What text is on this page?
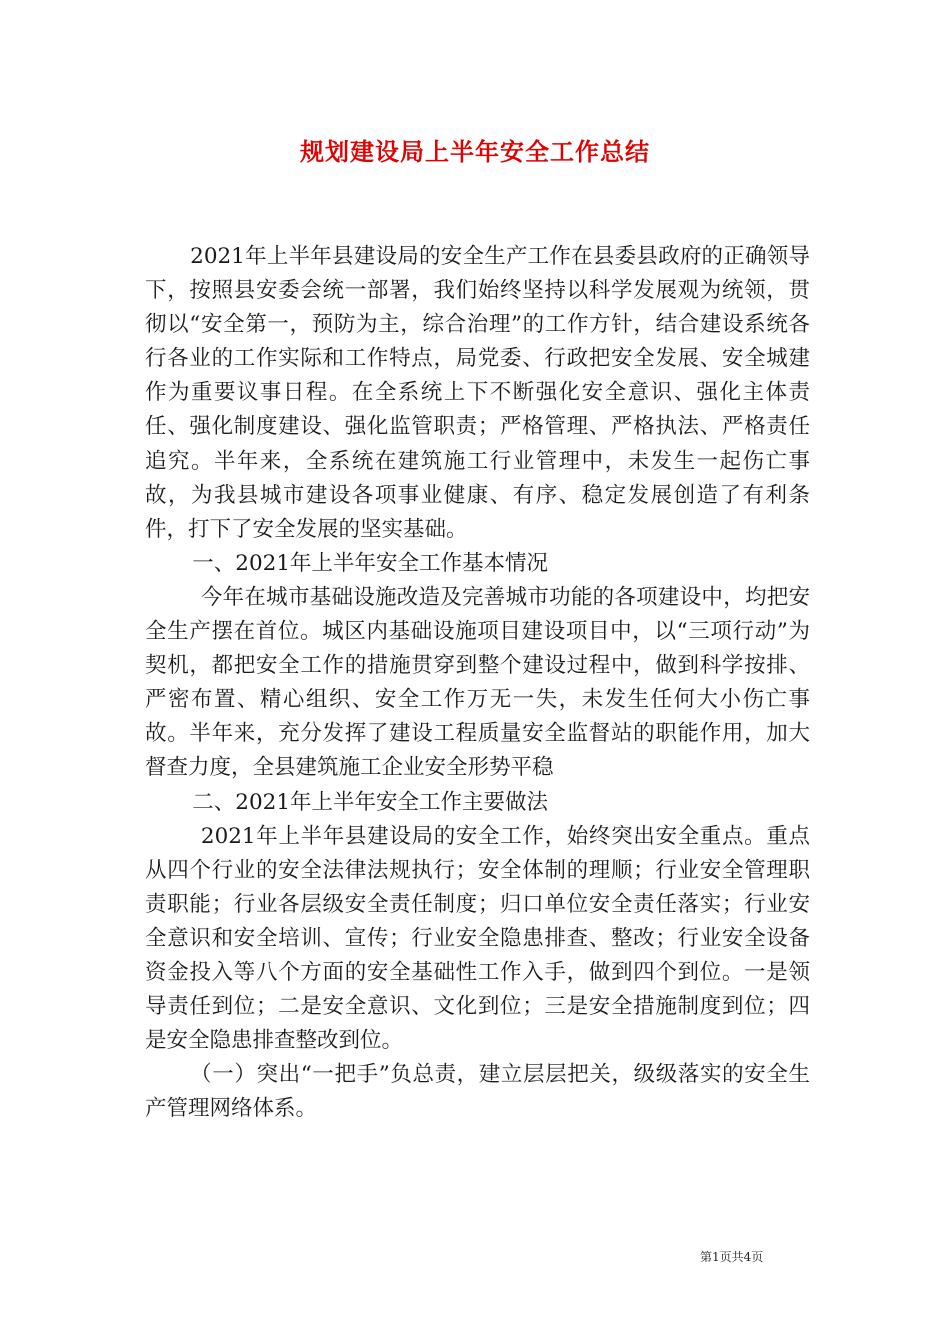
规划建设局上半年安全工作总结

2021年上半年县建设局的安全生产工作在县委县政府的正确领导下，按照县安委会统一部署，我们始终坚持以科学发展观为统领，贯彻以“安全第一，预防为主，综合治理”的工作方针，结合建设系统各行各业的工作实际和工作特点，局党委、行政把安全发展、安全城建作为重要议事日程。在全系统上下不断强化安全意识、强化主体责任、强化制度建设、强化监管职责；严格管理、严格执法、严格责任追究。半年来，全系统在建筑施工行业管理中，未发生一起伤亡事故，为我县城市建设各项事业健康、有序、稳定发展创造了有利条件，打下了安全发展的坚实基础。

一、2021年上半年安全工作基本情况

今年在城市基础设施改造及完善城市功能的各项建设中，均把安全生产摆在首位。城区内基础设施项目建设项目中，以“三项行动”为契机，都把安全工作的措施贯穿到整个建设过程中，做到科学按排、严密布置、精心组织、安全工作万无一失，未发生任何大小伤亡事故。半年来，充分发挥了建设工程质量安全监督站的职能作用，加大督查力度，全县建筑施工企业安全形势平稳

二、2021年上半年安全工作主要做法

2021年上半年县建设局的安全工作，始终突出安全重点。重点从四个行业的安全法律法规执行；安全体制的理顺；行业安全管理职责职能；行业各层级安全责任制度；归口单位安全责任落实；行业安全意识和安全培训、宣传；行业安全隐患排查、整改；行业安全设备资金投入等八个方面的安全基础性工作入手，做到四个到位。一是领导责任到位；二是安全意识、文化到位；三是安全措施制度到位；四是安全隐患排查整改到位。

（一）突出“一把手”负总责，建立层层把关，级级落实的安全生产管理网络体系。

第1页共4页
